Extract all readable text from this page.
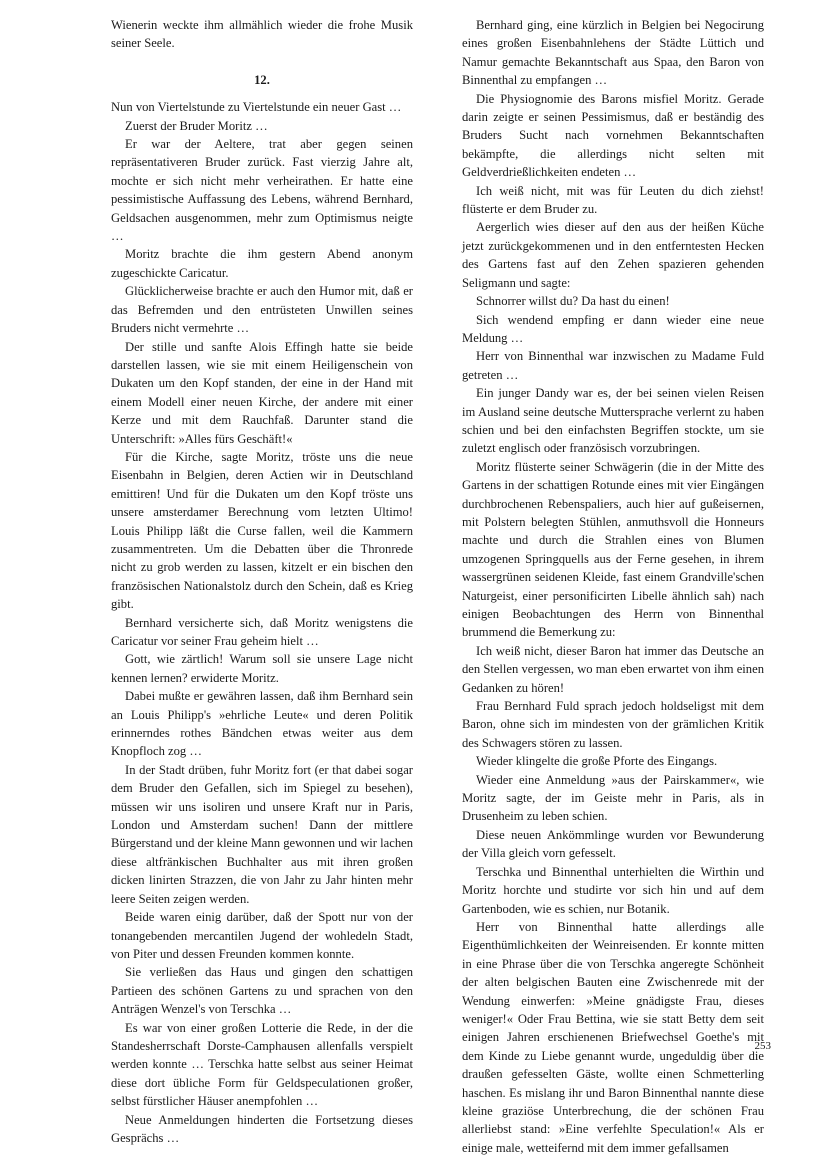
Wienerin weckte ihm allmählich wieder die frohe Musik seiner Seele.

12.

Nun von Viertelstunde zu Viertelstunde ein neuer Gast …

Zuerst der Bruder Moritz …

Er war der Aeltere, trat aber gegen seinen repräsentativeren Bruder zurück. Fast vierzig Jahre alt, mochte er sich nicht mehr verheirathen. Er hatte eine pessimistische Auffassung des Lebens, während Bernhard, Geldsachen ausgenommen, mehr zum Optimismus neigte …

Moritz brachte die ihm gestern Abend anonym zugeschickte Caricatur.

Glücklicherweise brachte er auch den Humor mit, daß er das Befremden und den entrüsteten Unwillen seines Bruders nicht vermehrte …

Der stille und sanfte Alois Effingh hatte sie beide darstellen lassen, wie sie mit einem Heiligenschein von Dukaten um den Kopf standen, der eine in der Hand mit einem Modell einer neuen Kirche, der andere mit einer Kerze und mit dem Rauchfaß. Darunter stand die Unterschrift: »Alles fürs Geschäft!«

Für die Kirche, sagte Moritz, tröste uns die neue Eisenbahn in Belgien, deren Actien wir in Deutschland emittiren! Und für die Dukaten um den Kopf tröste uns unsere amsterdamer Berechnung vom letzten Ultimo! Louis Philipp läßt die Curse fallen, weil die Kammern zusammentreten. Um die Debatten über die Thronrede nicht zu grob werden zu lassen, kitzelt er ein bischen den französischen Nationalstolz durch den Schein, daß es Krieg gibt.

Bernhard versicherte sich, daß Moritz wenigstens die Caricatur vor seiner Frau geheim hielt …

Gott, wie zärtlich! Warum soll sie unsere Lage nicht kennen lernen? erwiderte Moritz.

Dabei mußte er gewähren lassen, daß ihm Bernhard sein an Louis Philipp's »ehrliche Leute« und deren Politik erinnerndes rothes Bändchen etwas weiter aus dem Knopfloch zog …

In der Stadt drüben, fuhr Moritz fort (er that dabei sogar dem Bruder den Gefallen, sich im Spiegel zu besehen), müssen wir uns isoliren und unsere Kraft nur in Paris, London und Amsterdam suchen! Dann der mittlere Bürgerstand und der kleine Mann gewonnen und wir lachen diese altfränkischen Buchhalter aus mit ihren großen dicken linirten Strazzen, die von Jahr zu Jahr hinten mehr leere Seiten zeigen werden.

Beide waren einig darüber, daß der Spott nur von der tonangebenden mercantilen Jugend der wohledeln Stadt, von Piter und dessen Freunden kommen konnte.

Sie verließen das Haus und gingen den schattigen Partieen des schönen Gartens zu und sprachen von den Anträgen Wenzel's von Terschka …

Es war von einer großen Lotterie die Rede, in der die Standesherrschaft Dorste-Camphausen allenfalls verspielt werden konnte … Terschka hatte selbst aus seiner Heimat diese dort übliche Form für Geldspeculationen großer, selbst fürstlicher Häuser anempfohlen …

Neue Anmeldungen hinderten die Fortsetzung dieses Gesprächs …

Bernhard ging, eine kürzlich in Belgien bei Negocirung eines großen Eisenbahnlehens der Städte Lüttich und Namur gemachte Bekanntschaft aus Spaa, den Baron von Binnenthal zu empfangen …

Die Physiognomie des Barons misfiel Moritz. Gerade darin zeigte er seinen Pessimismus, daß er beständig des Bruders Sucht nach vornehmen Bekanntschaften bekämpfte, die allerdings nicht selten mit Geldverdrießlichkeiten endeten …

Ich weiß nicht, mit was für Leuten du dich ziehst! flüsterte er dem Bruder zu.

Aergerlich wies dieser auf den aus der heißen Küche jetzt zurückgekommenen und in den entferntesten Hecken des Gartens fast auf den Zehen spazieren gehenden Seligmann und sagte:

Schnorrer willst du? Da hast du einen!

Sich wendend empfing er dann wieder eine neue Meldung …

Herr von Binnenthal war inzwischen zu Madame Fuld getreten …

Ein junger Dandy war es, der bei seinen vielen Reisen im Ausland seine deutsche Muttersprache verlernt zu haben schien und bei den einfachsten Begriffen stockte, um sie zuletzt englisch oder französisch vorzubringen.

Moritz flüsterte seiner Schwägerin (die in der Mitte des Gartens in der schattigen Rotunde eines mit vier Eingängen durchbrochenen Rebenspaliers, auch hier auf gußeisernen, mit Polstern belegten Stühlen, anmuthsvoll die Honneurs machte und durch die Strahlen eines von Blumen umzogenen Springquells aus der Ferne gesehen, in ihrem wassergrünen seidenen Kleide, fast einem Grandville'schen Naturgeist, einer personificirten Libelle ähnlich sah) nach einigen Beobachtungen des Herrn von Binnenthal brummend die Bemerkung zu:

Ich weiß nicht, dieser Baron hat immer das Deutsche an den Stellen vergessen, wo man eben erwartet von ihm einen Gedanken zu hören!

Frau Bernhard Fuld sprach jedoch holdseligst mit dem Baron, ohne sich im mindesten von der grämlichen Kritik des Schwagers stören zu lassen.

Wieder klingelte die große Pforte des Eingangs.

Wieder eine Anmeldung »aus der Pairskammer«, wie Moritz sagte, der im Geiste mehr in Paris, als in Drusenheim zu leben schien.

Diese neuen Ankömmlinge wurden vor Bewunderung der Villa gleich vorn gefesselt.

Terschka und Binnenthal unterhielten die Wirthin und Moritz horchte und studirte vor sich hin und auf dem Gartenboden, wie es schien, nur Botanik.

Herr von Binnenthal hatte allerdings alle Eigenthümlichkeiten der Weinreisenden. Er konnte mitten in eine Phrase über die von Terschka angeregte Schönheit der alten belgischen Bauten eine Zwischenrede mit der Wendung einwerfen: »Meine gnädigste Frau, dieses weniger!« Oder Frau Bettina, wie sie statt Betty dem seit einigen Jahren erschienenen Briefwechsel Goethe's mit dem Kinde zu Liebe genannt wurde, ungeduldig über die draußen gefesselten Gäste, wollte einen Schmetterling haschen. Es mislang ihr und Baron Binnenthal nannte diese kleine graziöse Unterbrechung, die der schönen Frau allerliebst stand: »Eine verfehlte Speculation!« Als er einige male, wetteifernd mit dem immer gefallsamen

253
